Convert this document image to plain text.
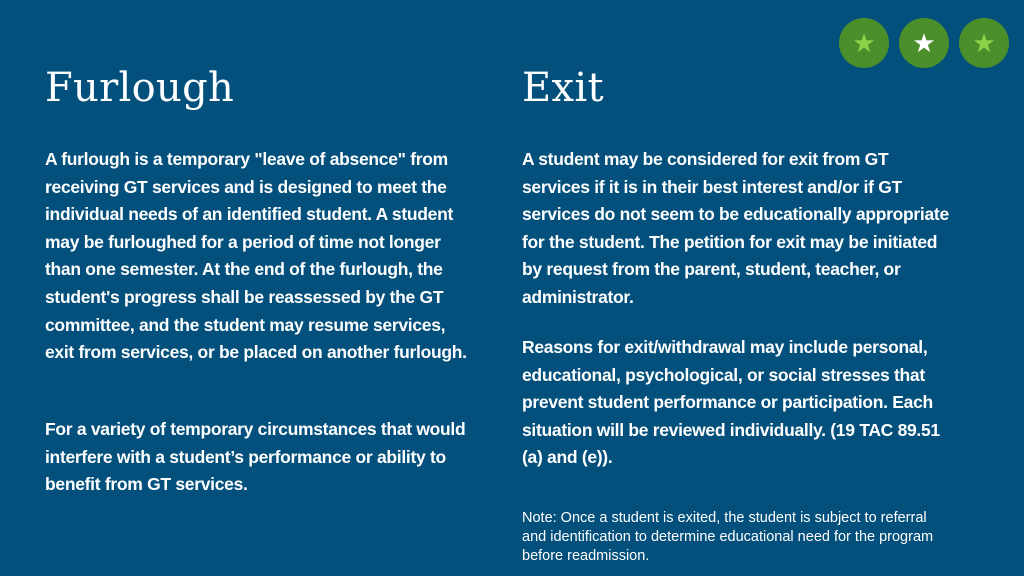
★	★	★
Furlough

A furlough is a temporary "leave of absence" from receiving GT services and is designed to meet the individual needs of an identified student. A student may be furloughed for a period of time not longer than one semester. At the end of the furlough, the student's progress shall be reassessed by the GT committee, and the student may resume services, exit from services, or be placed on another furlough.

For a variety of temporary circumstances that would interfere with a student’s performance or ability to benefit from GT services.

Exit

A student may be considered for exit from GT services if it is in their best interest and/or if GT services do not seem to be educationally appropriate for the student. The petition for exit may be initiated by request from the parent, student, teacher, or administrator.

Reasons for exit/withdrawal may include personal, educational, psychological, or social stresses that prevent student performance or participation. Each situation will be reviewed individually. (19 TAC 89.51 (a) and (e)).

Note: Once a student is exited, the student is subject to referral and identification to determine educational need for the program before readmission.
